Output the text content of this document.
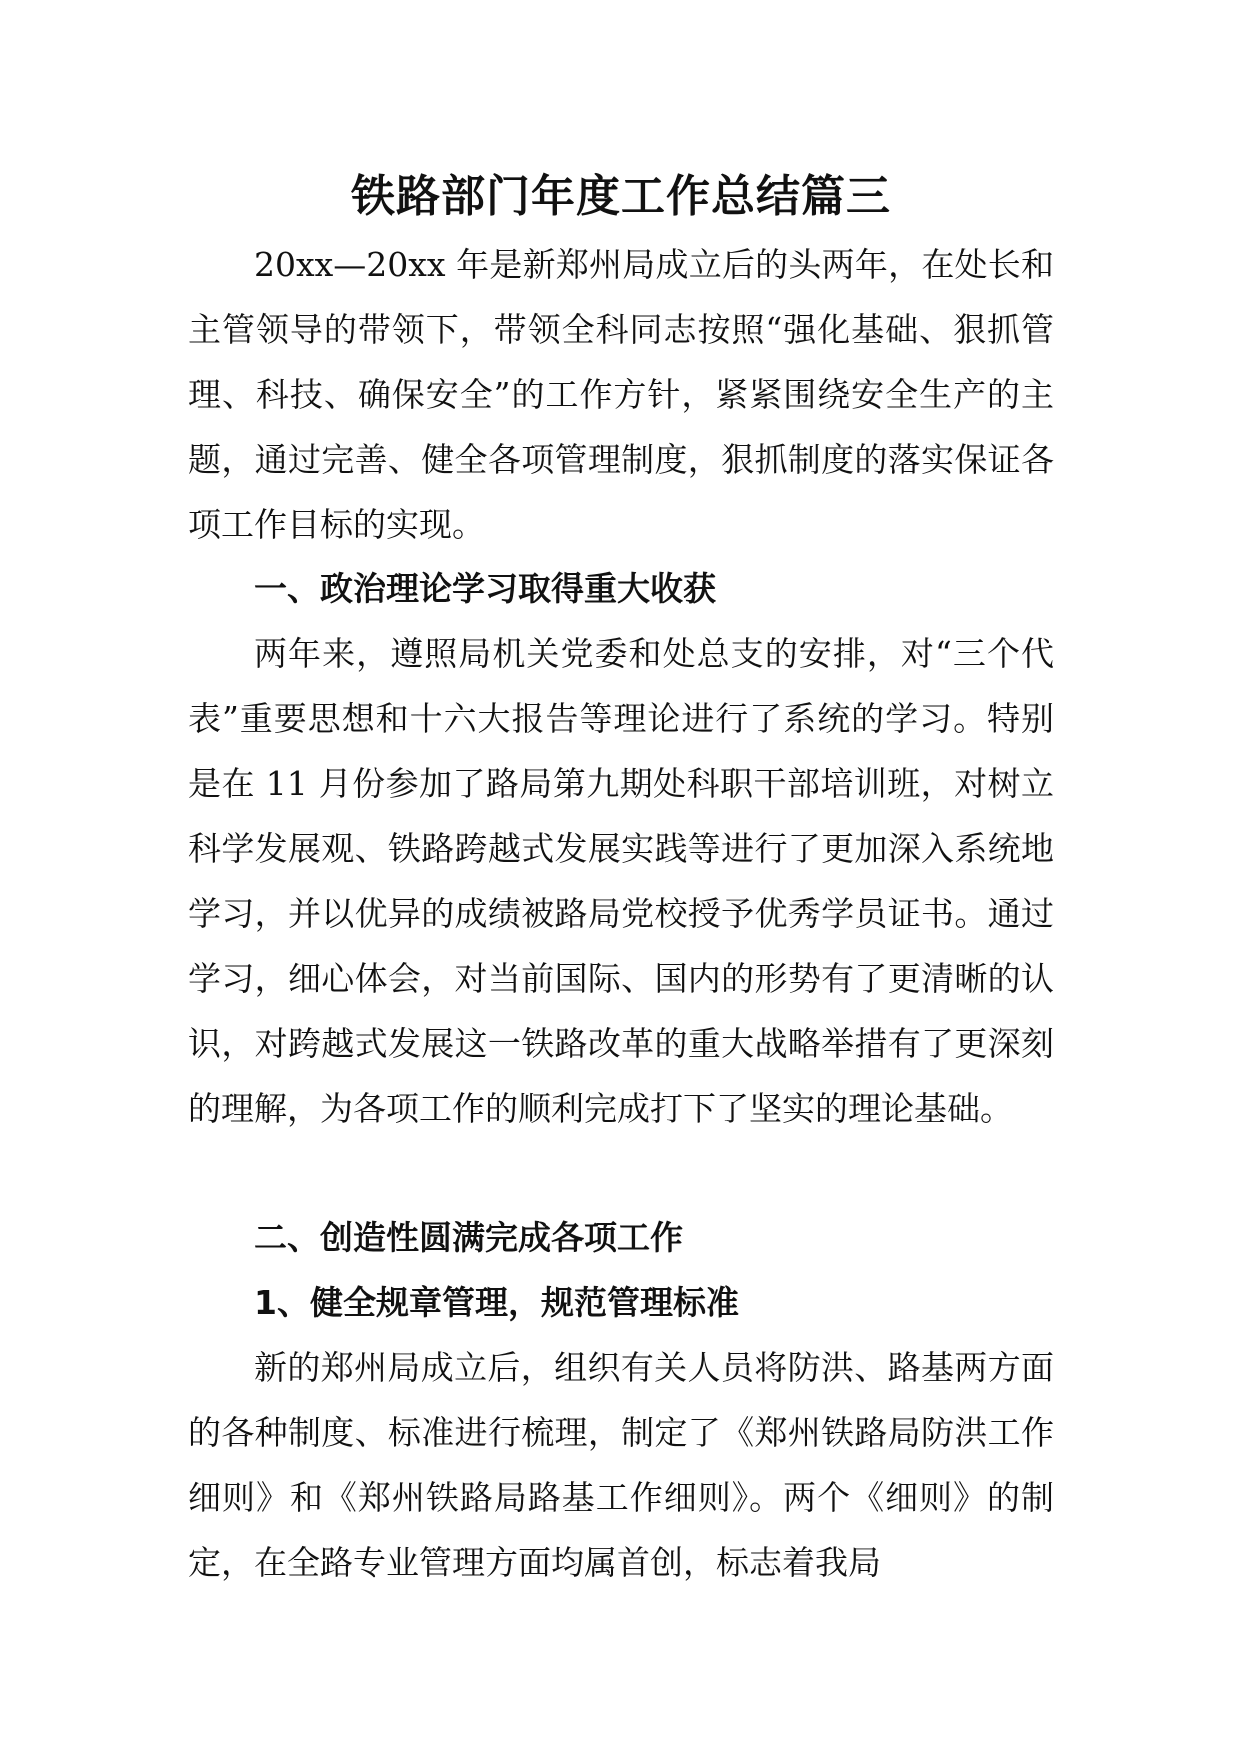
铁路部门年度工作总结篇三

20xx—20xx 年是新郑州局成立后的头两年，在处长和主管领导的带领下，带领全科同志按照“强化基础、狠抓管理、科技、确保安全”的工作方针，紧紧围绕安全生产的主题，通过完善、健全各项管理制度，狠抓制度的落实保证各项工作目标的实现。

一、政治理论学习取得重大收获

两年来，遵照局机关党委和处总支的安排，对“三个代表”重要思想和十六大报告等理论进行了系统的学习。特别是在 11 月份参加了路局第九期处科职干部培训班，对树立科学发展观、铁路跨越式发展实践等进行了更加深入系统地学习，并以优异的成绩被路局党校授予优秀学员证书。通过学习，细心体会，对当前国际、国内的形势有了更清晰的认识，对跨越式发展这一铁路改革的重大战略举措有了更深刻的理解，为各项工作的顺利完成打下了坚实的理论基础。

二、创造性圆满完成各项工作

1、健全规章管理，规范管理标准

新的郑州局成立后，组织有关人员将防洪、路基两方面的各种制度、标准进行梳理，制定了《郑州铁路局防洪工作细则》和《郑州铁路局路基工作细则》。两个《细则》的制定，在全路专业管理方面均属首创，标志着我局
